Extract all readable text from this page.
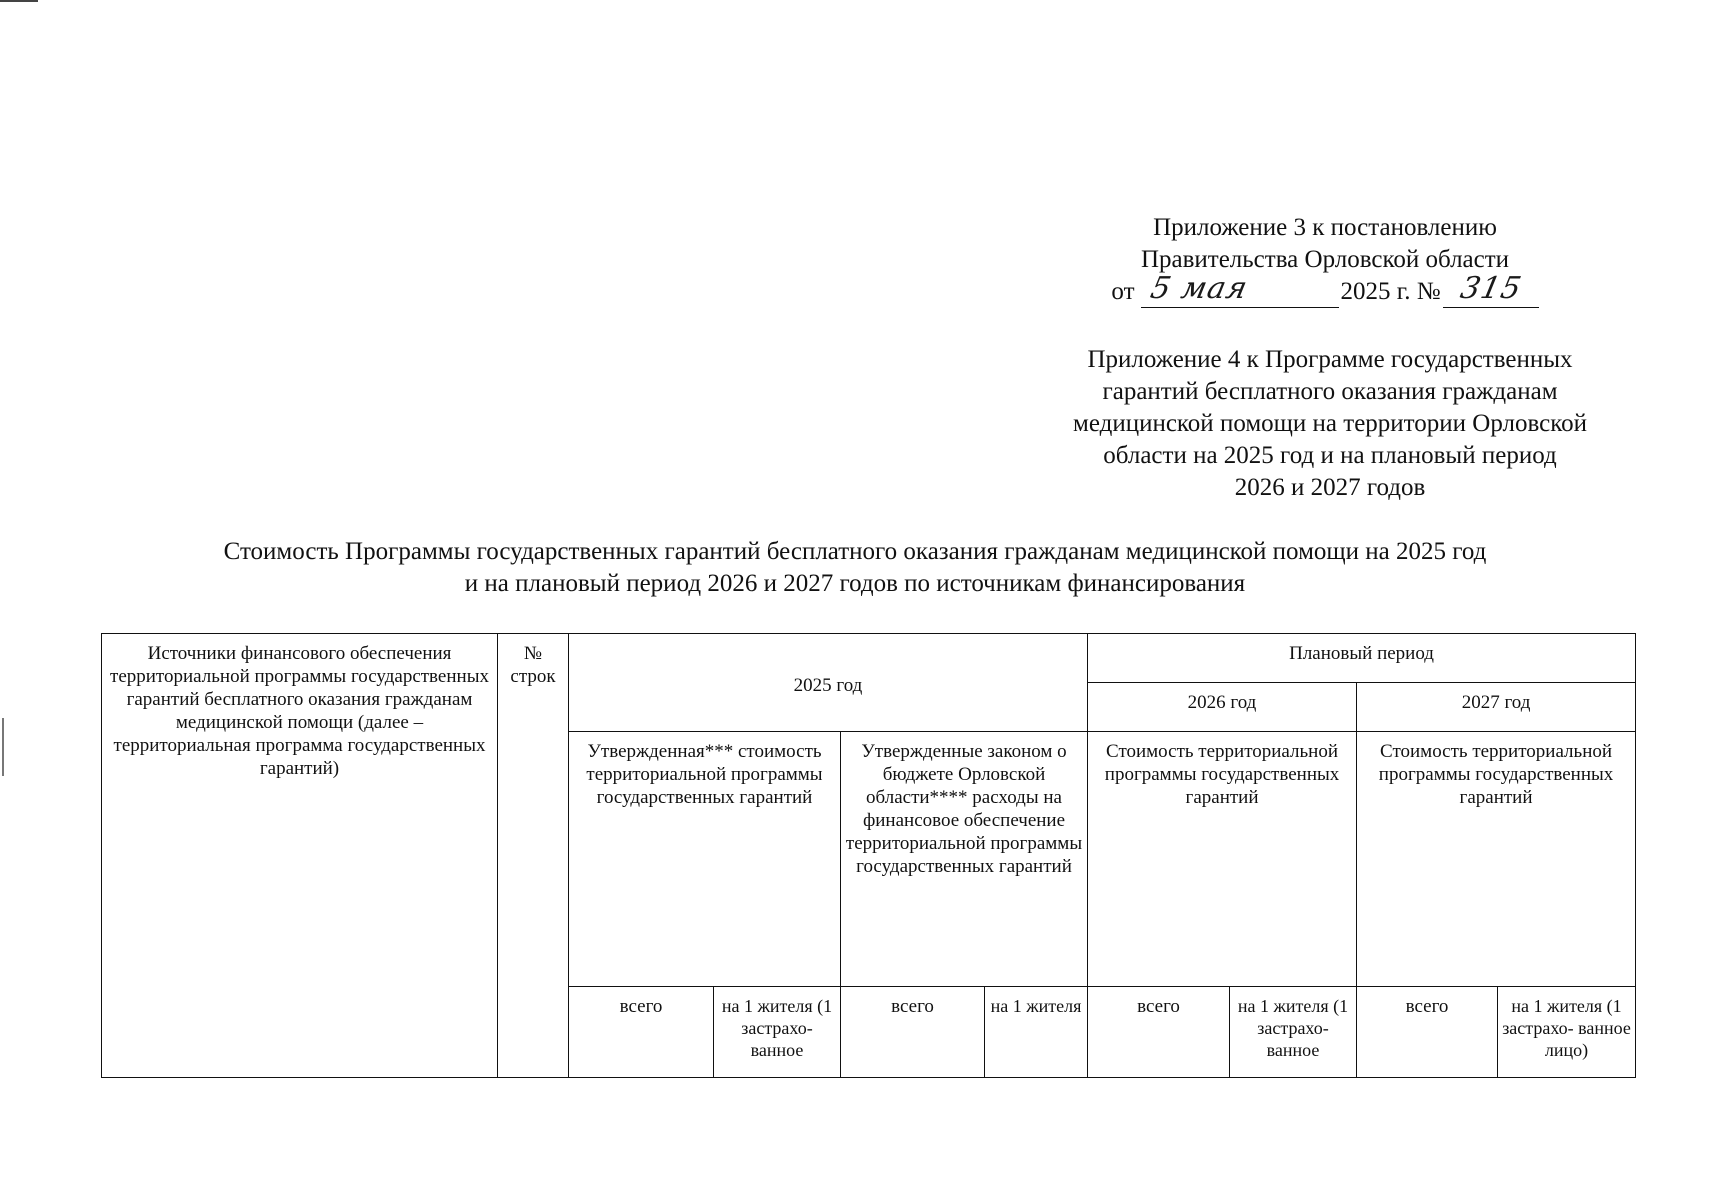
Приложение 3 к постановлению
Правительства Орловской области
от 5 мая	2025 г. № 315
Приложение 4 к Программе государственных
гарантий бесплатного оказания гражданам
медицинской помощи на территории Орловской
области на 2025 год и на плановый период
2026 и 2027 годов
Стоимость Программы государственных гарантий бесплатного оказания гражданам медицинской помощи на 2025 год
и на плановый период 2026 и 2027 годов по источникам финансирования
Источники финансового обеспечения территориальной программы государственных гарантий бесплатного оказания гражданам медицинской помощи (далее – территориальная программа государственных гарантий)	№ строк	2025 год				Плановый период			
						2026 год		2027 год	
		Утвержденная*** стоимость территориальной программы государственных гарантий		Утвержденные законом о бюджете Орловской области**** расходы на финансовое обеспечение территориальной программы государственных гарантий		Стоимость территориальной программы государственных гарантий		Стоимость территориальной программы государственных гарантий	
		всего	на 1 жителя (1 застрахо- ванное	всего	на 1 жителя	всего	на 1 жителя (1 застрахо- ванное	всего	на 1 жителя (1 застрахо- ванное лицо)
